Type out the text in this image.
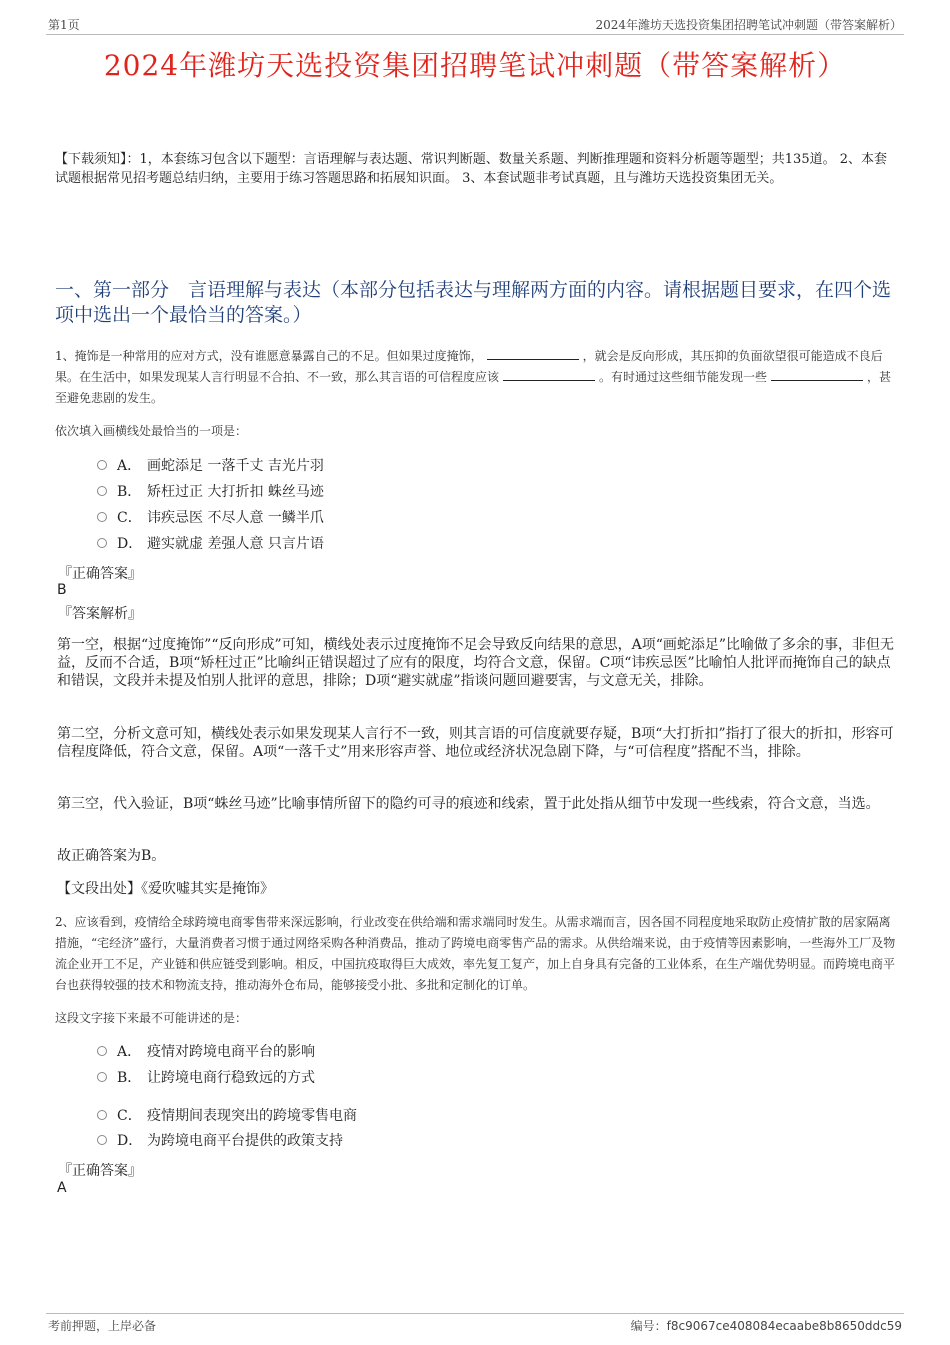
第1页	2024年潍坊天选投资集团招聘笔试冲刺题（带答案解析）
2024年潍坊天选投资集团招聘笔试冲刺题（带答案解析）
【下载须知】：1，本套练习包含以下题型：言语理解与表达题、常识判断题、数量关系题、判断推理题和资料分析题等题型；共135道。 2、本套试题根据常见招考题总结归纳，主要用于练习答题思路和拓展知识面。 3、本套试题非考试真题，且与潍坊天选投资集团无关。
一、第一部分　言语理解与表达（本部分包括表达与理解两方面的内容。请根据题目要求，在四个选项中选出一个最恰当的答案。）
1、掩饰是一种常用的应对方式，没有谁愿意暴露自己的不足。但如果过度掩饰，	，就会是反向形成，其压抑的负面欲望很可能造成不良后果。在生活中，如果发现某人言行明显不合拍、不一致，那么其言语的可信程度应该	。有时通过这些细节能发现一些	，甚至避免悲剧的发生。
依次填入画横线处最恰当的一项是：
A． 画蛇添足 一落千丈 吉光片羽
B． 矫枉过正 大打折扣 蛛丝马迹
C． 讳疾忌医 不尽人意 一鳞半爪
D． 避实就虚 差强人意 只言片语
『正确答案』
B
『答案解析』
第一空，根据“过度掩饰”“反向形成”可知，横线处表示过度掩饰不足会导致反向结果的意思，A项“画蛇添足”比喻做了多余的事，非但无益，反而不合适，B项“矫枉过正”比喻纠正错误超过了应有的限度，均符合文意，保留。C项“讳疾忌医”比喻怕人批评而掩饰自己的缺点和错误，文段并未提及怕别人批评的意思，排除；D项“避实就虚”指谈问题回避要害，与文意无关，排除。
第二空，分析文意可知，横线处表示如果发现某人言行不一致，则其言语的可信度就要存疑，B项“大打折扣”指打了很大的折扣，形容可信程度降低，符合文意，保留。A项“一落千丈”用来形容声誉、地位或经济状况急剧下降，与“可信程度”搭配不当，排除。
第三空，代入验证，B项“蛛丝马迹”比喻事情所留下的隐约可寻的痕迹和线索，置于此处指从细节中发现一些线索，符合文意，当选。
故正确答案为B。
【文段出处】《爱吹嘘其实是掩饰》
2、应该看到，疫情给全球跨境电商零售带来深远影响，行业改变在供给端和需求端同时发生。从需求端而言，因各国不同程度地采取防止疫情扩散的居家隔离措施，“宅经济”盛行，大量消费者习惯于通过网络采购各种消费品，推动了跨境电商零售产品的需求。从供给端来说，由于疫情等因素影响，一些海外工厂及物流企业开工不足，产业链和供应链受到影响。相反，中国抗疫取得巨大成效，率先复工复产，加上自身具有完备的工业体系，在生产端优势明显。而跨境电商平台也获得较强的技术和物流支持，推动海外仓布局，能够接受小批、多批和定制化的订单。
这段文字接下来最不可能讲述的是：
A． 疫情对跨境电商平台的影响
B． 让跨境电商行稳致远的方式
C． 疫情期间表现突出的跨境零售电商
D． 为跨境电商平台提供的政策支持
『正确答案』
A
考前押题，上岸必备	编号：f8c9067ce408084ecaabe8b8650ddc59
